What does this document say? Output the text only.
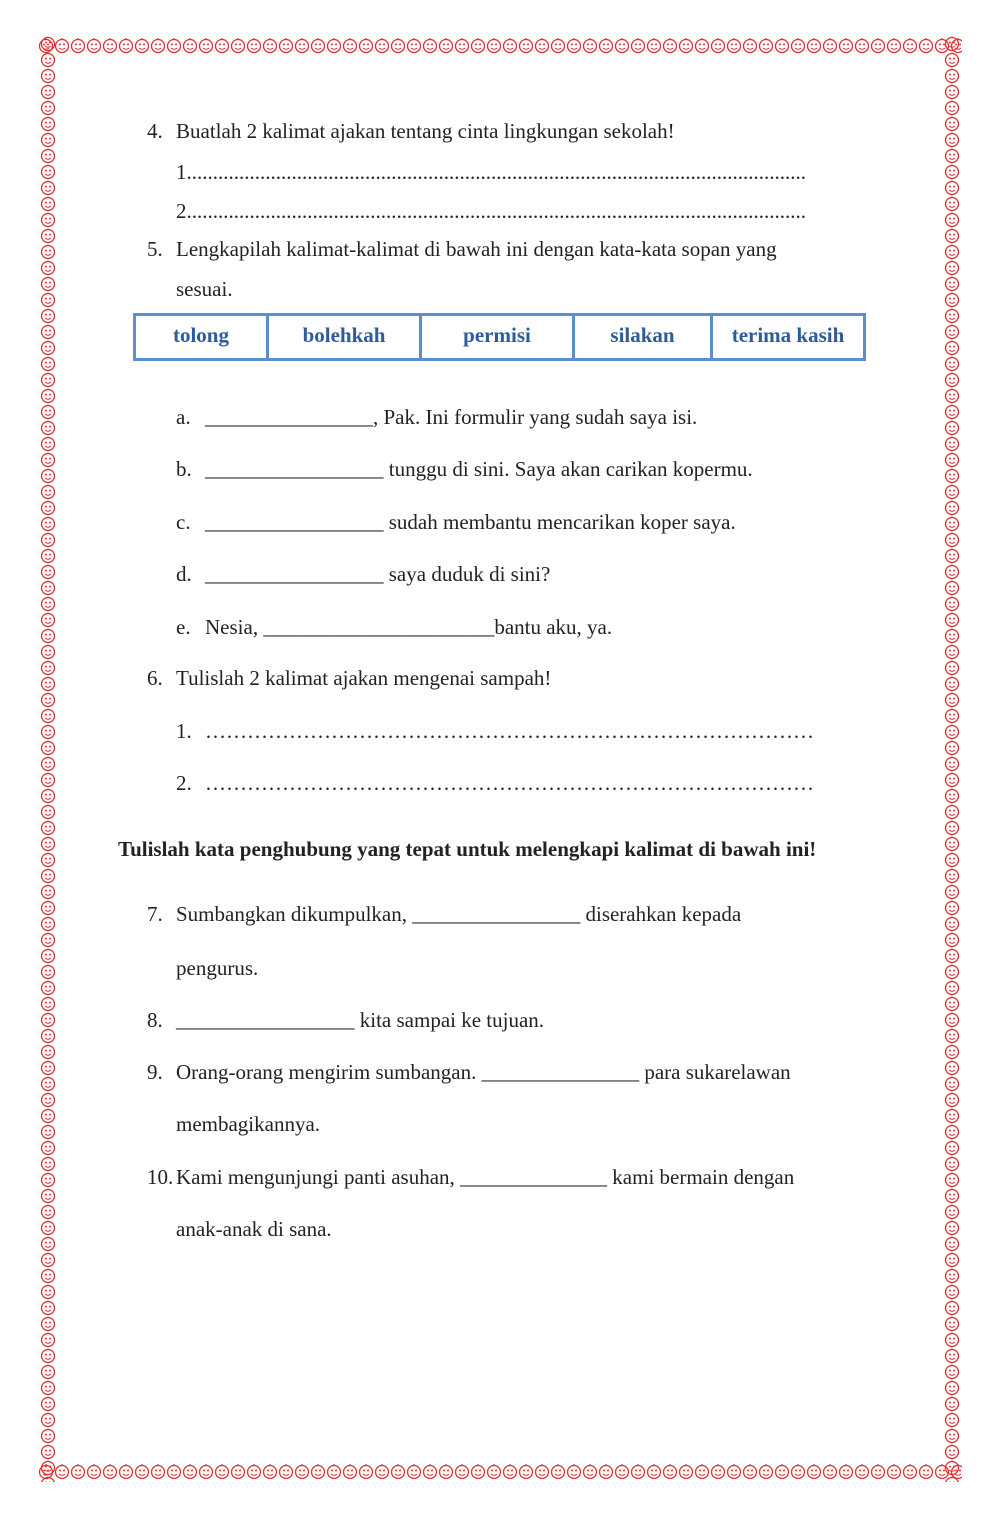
4. Buatlah 2 kalimat ajakan tentang cinta lingkungan sekolah!
1......................................................................................................................
2......................................................................................................................
5. Lengkapilah kalimat-kalimat di bawah ini dengan kata-kata sopan yang
sesuai.
tolong	bolehkah	permisi	silakan	terima kasih
a. ________________, Pak. Ini formulir yang sudah saya isi.
b. _________________ tunggu di sini. Saya akan carikan kopermu.
c. _________________ sudah membantu mencarikan koper saya.
d. _________________ saya duduk di sini?
e. Nesia, ______________________bantu aku, ya.
6. Tulislah 2 kalimat ajakan mengenai sampah!
1. ……………………………………………………………………………
2. ……………………………………………………………………………
Tulislah kata penghubung yang tepat untuk melengkapi kalimat di bawah ini!
7. Sumbangkan dikumpulkan, ________________ diserahkan kepada
pengurus.
8. _________________ kita sampai ke tujuan.
9. Orang-orang mengirim sumbangan. _______________ para sukarelawan
membagikannya.
10. Kami mengunjungi panti asuhan, ______________ kami bermain dengan
anak-anak di sana.
